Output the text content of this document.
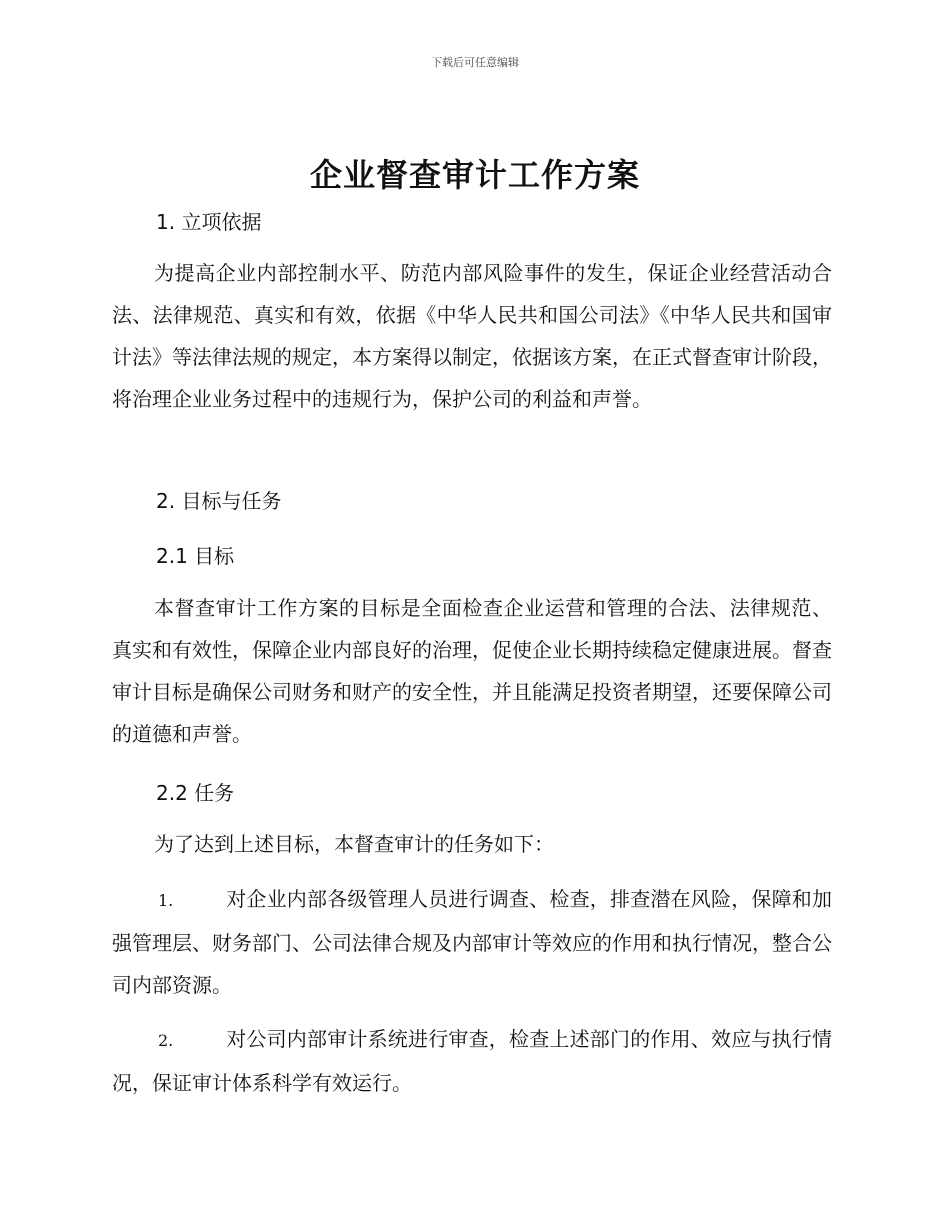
下载后可任意编辑
企业督查审计工作方案
1. 立项依据

为提高企业内部控制水平、防范内部风险事件的发生，保证企业经营活动合法、法律规范、真实和有效，依据《中华人民共和国公司法》《中华人民共和国审计法》等法律法规的规定，本方案得以制定，依据该方案，在正式督查审计阶段，将治理企业业务过程中的违规行为，保护公司的利益和声誉。

2. 目标与任务
2.1 目标

本督查审计工作方案的目标是全面检查企业运营和管理的合法、法律规范、真实和有效性，保障企业内部良好的治理，促使企业长期持续稳定健康进展。督查审计目标是确保公司财务和财产的安全性，并且能满足投资者期望，还要保障公司的道德和声誉。

2.2 任务

为了达到上述目标，本督查审计的任务如下：

1.	对企业内部各级管理人员进行调查、检查，排查潜在风险，保障和加强管理层、财务部门、公司法律合规及内部审计等效应的作用和执行情况，整合公司内部资源。

2.	对公司内部审计系统进行审查，检查上述部门的作用、效应与执行情况，保证审计体系科学有效运行。
